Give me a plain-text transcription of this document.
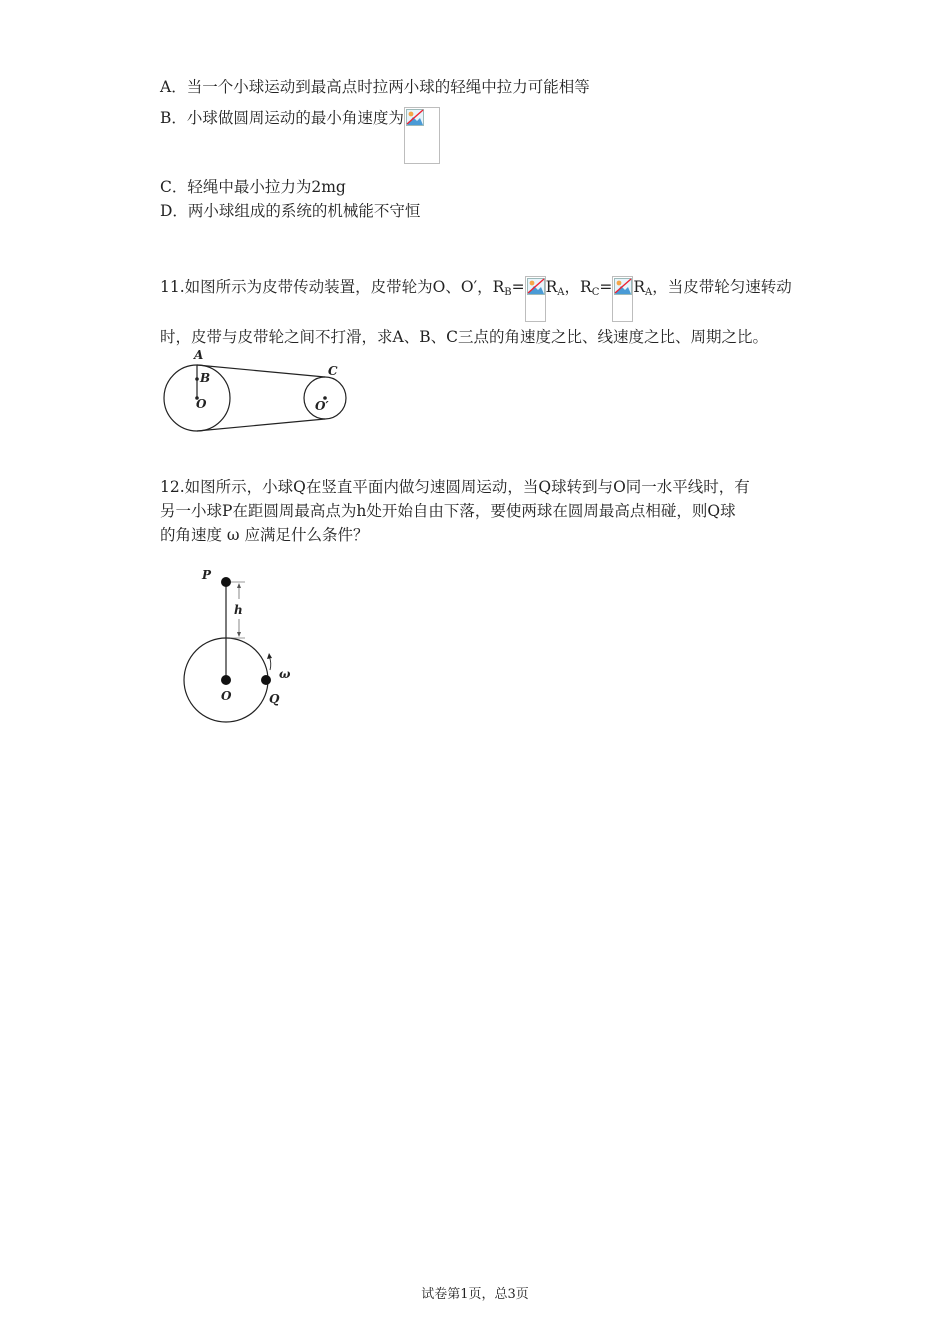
A．当一个小球运动到最高点时拉两小球的轻绳中拉力可能相等
B．小球做圆周运动的最小角速度为
C．轻绳中最小拉力为2mg
D．两小球组成的系统的机械能不守恒
11.如图所示为皮带传动装置，皮带轮为O、O′，$R^B= R^A$，$R^C= R^A$，当皮带轮匀速转动
时，皮带与皮带轮之间不打滑，求A、B、C三点的角速度之比、线速度之比、周期之比。
A
B
O
C
O′
12.如图所示，小球Q在竖直平面内做匀速圆周运动，当Q球转到与O同一水平线时，有
另一小球P在距圆周最高点为h处开始自由下落，要使两球在圆周最高点相碰，则Q球
的角速度 ω 应满足什么条件？
P
h
O	Q
ω
试卷第1页，总3页
